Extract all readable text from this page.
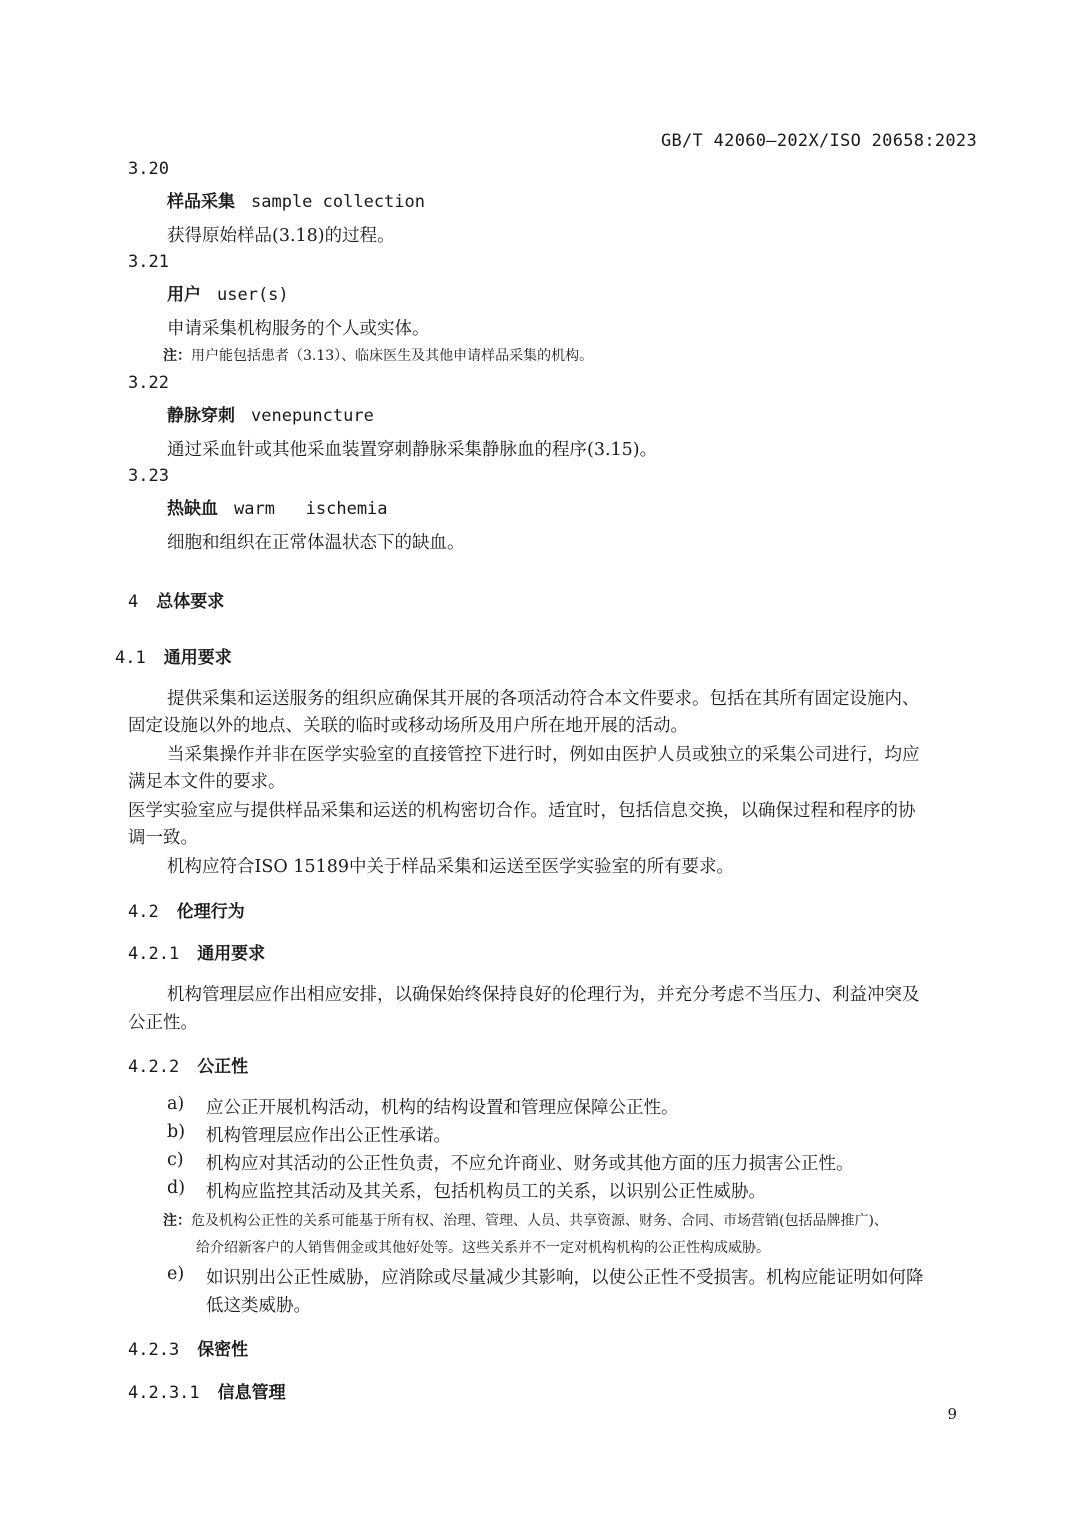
GB/T 42060—202X/ISO 20658:2023
3.20
样品采集 sample collection
获得原始样品(3.18)的过程。
3.21
用户 user(s)
申请采集机构服务的个人或实体。
注：用户能包括患者（3.13）、临床医生及其他申请样品采集的机构。
3.22
静脉穿刺 venepuncture
通过采血针或其他采血装置穿刺静脉采集静脉血的程序(3.15)。
3.23
热缺血 warm   ischemia
细胞和组织在正常体温状态下的缺血。
4 总体要求
4.1 通用要求
提供采集和运送服务的组织应确保其开展的各项活动符合本文件要求。包括在其所有固定设施内、
固定设施以外的地点、关联的临时或移动场所及用户所在地开展的活动。
当采集操作并非在医学实验室的直接管控下进行时，例如由医护人员或独立的采集公司进行，均应
满足本文件的要求。
医学实验室应与提供样品采集和运送的机构密切合作。适宜时，包括信息交换，以确保过程和程序的协
调一致。
机构应符合ISO 15189中关于样品采集和运送至医学实验室的所有要求。
4.2 伦理行为
4.2.1 通用要求
机构管理层应作出相应安排，以确保始终保持良好的伦理行为，并充分考虑不当压力、利益冲突及
公正性。
4.2.2 公正性
a) 应公正开展机构活动，机构的结构设置和管理应保障公正性。
b) 机构管理层应作出公正性承诺。
c) 机构应对其活动的公正性负责，不应允许商业、财务或其他方面的压力损害公正性。
d) 机构应监控其活动及其关系，包括机构员工的关系，以识别公正性威胁。
注：危及机构公正性的关系可能基于所有权、治理、管理、人员、共享资源、财务、合同、市场营销(包括品牌推广)、
给介绍新客户的人销售佣金或其他好处等。这些关系并不一定对机构机构的公正性构成威胁。
e) 如识别出公正性威胁，应消除或尽量减少其影响，以使公正性不受损害。机构应能证明如何降
低这类威胁。
4.2.3 保密性
4.2.3.1 信息管理
9
